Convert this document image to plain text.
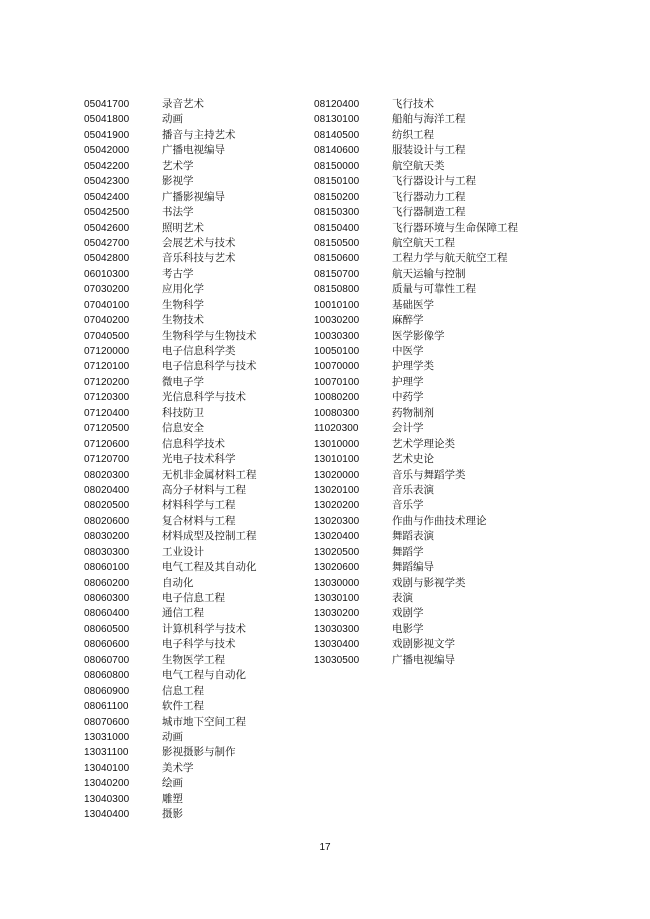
05041700	录音艺术
05041800	动画
05041900	播音与主持艺术
05042000	广播电视编导
05042200	艺术学
05042300	影视学
05042400	广播影视编导
05042500	书法学
05042600	照明艺术
05042700	会展艺术与技术
05042800	音乐科技与艺术
06010300	考古学
07030200	应用化学
07040100	生物科学
07040200	生物技术
07040500	生物科学与生物技术
07120000	电子信息科学类
07120100	电子信息科学与技术
07120200	微电子学
07120300	光信息科学与技术
07120400	科技防卫
07120500	信息安全
07120600	信息科学技术
07120700	光电子技术科学
08020300	无机非金属材料工程
08020400	高分子材料与工程
08020500	材料科学与工程
08020600	复合材料与工程
08030200	材料成型及控制工程
08030300	工业设计
08060100	电气工程及其自动化
08060200	自动化
08060300	电子信息工程
08060400	通信工程
08060500	计算机科学与技术
08060600	电子科学与技术
08060700	生物医学工程
08060800	电气工程与自动化
08060900	信息工程
08061100	软件工程
08070600	城市地下空间工程
13031000	动画
13031100	影视摄影与制作
13040100	美术学
13040200	绘画
13040300	雕塑
13040400	摄影
08120400	飞行技术
08130100	船舶与海洋工程
08140500	纺织工程
08140600	服装设计与工程
08150000	航空航天类
08150100	飞行器设计与工程
08150200	飞行器动力工程
08150300	飞行器制造工程
08150400	飞行器环境与生命保障工程
08150500	航空航天工程
08150600	工程力学与航天航空工程
08150700	航天运输与控制
08150800	质量与可靠性工程
10010100	基础医学
10030200	麻醉学
10030300	医学影像学
10050100	中医学
10070000	护理学类
10070100	护理学
10080200	中药学
10080300	药物制剂
11020300	会计学
13010000	艺术学理论类
13010100	艺术史论
13020000	音乐与舞蹈学类
13020100	音乐表演
13020200	音乐学
13020300	作曲与作曲技术理论
13020400	舞蹈表演
13020500	舞蹈学
13020600	舞蹈编导
13030000	戏剧与影视学类
13030100	表演
13030200	戏剧学
13030300	电影学
13030400	戏剧影视文学
13030500	广播电视编导
17
